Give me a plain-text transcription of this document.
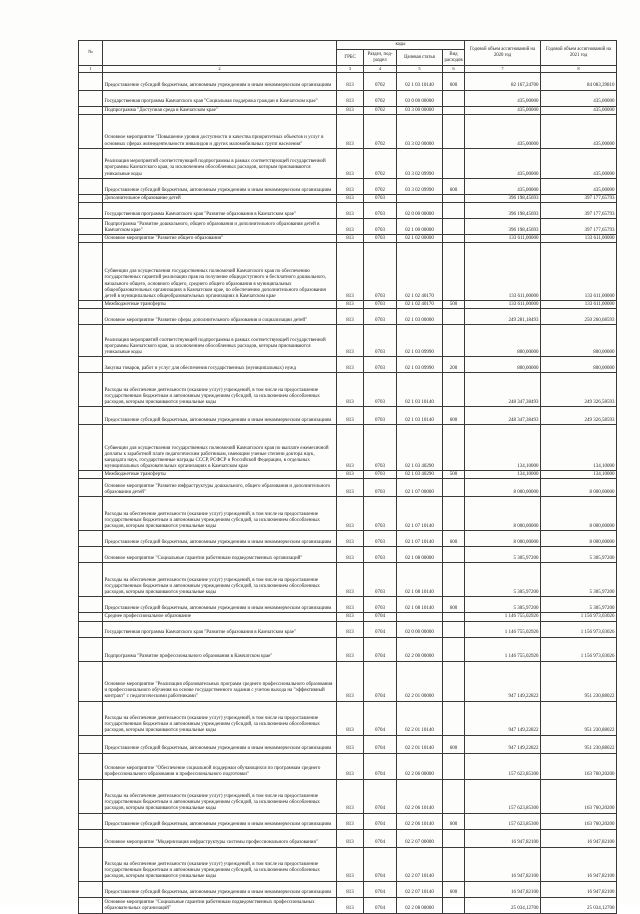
№		коды				Годовой объем ассигнований на 2020 год	Годовой объем ассигнований на 2021 год
		ГРБС	Раздел, под-раздел	Целевая статья	Вид расходов		
1	2	3	4	5	6	7	8
	Предоставление субсидий бюджетным, автономным учреждениям и иным некоммерческим организациям	813	0702	02 1 03 10140	600	82 167,24700	84 083,39810
	Государственная программа Камчатского края "Социальная поддержка граждан в Камчатском крае"	813	0702	03 0 00 00000		435,00000	435,00000
	Подпрограмма "Доступная среда в Камчатском крае"	813	0702	03 3 00 00000		435,00000	435,00000
	Основное мероприятие "Повышение уровня доступности и качества приоритетных объектов и услуг в основных сферах жизнедеятельности инвалидов и других маломобильных групп населения"	813	0702	03 3 02 00000		435,00000	435,00000
	Реализация мероприятий соответствующей подпрограммы в рамках соответствующей государственной программы Камчатского края, за исключением обособленных расходов, которым присваиваются уникальные коды	813	0702	03 3 02 09990		435,00000	435,00000
	Предоставление субсидий бюджетным, автономным учреждениям и иным некоммерческим организациям	813	0702	03 3 02 09990	600	435,00000	435,00000
	Дополнительное образование детей	813	0703			396 198,45693	397 177,65793
	Государственная программа Камчатского края "Развитие образования в Камчатском крае"	813	0703	02 0 00 00000		396 198,45693	397 177,65793
	Подпрограмма "Развитие дошкольного, общего образования и дополнительного образования детей в Камчатском крае"	813	0703	02 1 00 00000		396 198,45693	397 177,65793
	Основное мероприятие "Развитие общего образования"	813	0703	02 1 02 00000		133 611,00000	133 611,00000
	Субвенции для осуществления государственных полномочий Камчатского края по обеспечению государственных гарантий реализации прав на получение общедоступного и бесплатного дошкольного, начального общего, основного общего, среднего общего образования в муниципальных общеобразовательных организациях в Камчатском крае, по обеспечению дополнительного образования детей в муниципальных общеобразовательных организациях в Камчатском крае	813	0703	02 1 02 40170		133 611,00000	133 611,00000
	Межбюджетные трансферты	813	0703	02 1 02 40170	500	133 611,00000	133 611,00000
	Основное мероприятие "Развитие сферы дополнительного образования и социализации детей"	813	0703	02 1 03 00000		249 281,18493	250 260,68593
	Реализация мероприятий соответствующей подпрограммы в рамках соответствующей государственной программы Камчатского края, за исключением обособленных расходов, которым присваиваются уникальные коды	813	0703	02 1 03 09990		800,00000	800,00000
	Закупка товаров, работ и услуг для обеспечения государственных (муниципальных) нужд	813	0703	02 1 03 09990	200	800,00000	800,00000
	Расходы на обеспечение деятельности (оказание услуг) учреждений, в том числе на предоставление государственным бюджетным и автономным учреждениям субсидий, за исключением обособленных расходов, которым присваиваются уникальные коды	813	0703	02 1 03 10140		248 347,38493	249 326,58593
	Предоставление субсидий бюджетным, автономным учреждениям и иным некоммерческим организациям	813	0703	02 1 03 10140	600	248 347,38493	249 326,58593
	Субвенции для осуществления государственных полномочий Камчатского края по выплате ежемесячной доплаты к заработной плате педагогическим работникам, имеющим ученые степени доктора наук, кандидата наук, государственные награды СССР, РСФСР и Российской Федерации, в отдельных муниципальных образовательных организациях в Камчатском крае	813	0703	02 1 03 40290		134,10000	134,10000
	Межбюджетные трансферты	813	0703	02 1 03 40290	500	134,10000	134,10000
	Основное мероприятие "Развитие инфраструктуры дошкольного, общего образования и дополнительного образования детей"	813	0703	02 1 07 00000		8 000,00000	8 000,00000
	Расходы на обеспечение деятельности (оказание услуг) учреждений, в том числе на предоставление государственным бюджетным и автономным учреждениям субсидий, за исключением обособленных расходов, которым присваиваются уникальные коды	813	0703	02 1 07 10140		8 000,00000	8 000,00000
	Предоставление субсидий бюджетным, автономным учреждениям и иным некоммерческим организациям	813	0703	02 1 07 10140	600	8 000,00000	8 000,00000
	Основное мероприятие "Социальные гарантии работникам подведомственных организаций"	813	0703	02 1 08 00000		5 305,97200	5 305,97200
	Расходы на обеспечение деятельности (оказание услуг) учреждений, в том числе на предоставление государственным бюджетным и автономным учреждениям субсидий, за исключением обособленных расходов, которым присваиваются уникальные коды	813	0703	02 1 08 10140		5 305,97200	5 305,97200
	Предоставление субсидий бюджетным, автономным учреждениям и иным некоммерческим организациям	813	0703	02 1 08 10140	600	5 305,97200	5 305,97200
	Среднее профессиональное образование	813	0704			1 146 755,02926	1 156 973,03026
	Государственная программа Камчатского края "Развитие образования в Камчатском крае"	813	0704	02 0 00 00000		1 146 755,02926	1 156 973,03026
	Подпрограмма "Развитие профессионального образования в Камчатском крае"	813	0704	02 2 00 00000		1 146 755,02926	1 156 973,03026
	Основное мероприятие "Реализация образовательных программ среднего профессионального образования и профессионального обучения на основе государственного задания с учетом выхода на "эффективный контракт" с педагогическими работниками"	813	0704	02 2 01 00000		947 149,22822	951 230,88022
	Расходы на обеспечение деятельности (оказание услуг) учреждений, в том числе на предоставление государственным бюджетным и автономным учреждениям субсидий, за исключением обособленных расходов, которым присваиваются уникальные коды	813	0704	02 2 01 10140		947 149,22822	951 230,88022
	Предоставление субсидий бюджетным, автономным учреждениям и иным некоммерческим организациям	813	0704	02 2 01 10140	600	947 149,22822	951 230,88022
	Основное мероприятие "Обеспечение социальной поддержки обучающихся по программам среднего профессионального образования и профессионального подготовки"	813	0704	02 2 06 00000		157 623,85300	163 760,20200
	Расходы на обеспечение деятельности (оказание услуг) учреждений, в том числе на предоставление государственным бюджетным и автономным учреждениям субсидий, за исключением обособленных расходов, которым присваиваются уникальные коды	813	0704	02 2 06 10140		157 623,85300	163 760,20200
	Предоставление субсидий бюджетным, автономным учреждениям и иным некоммерческим организациям	813	0704	02 2 06 10140	600	157 623,85300	163 760,20200
	Основное мероприятие "Модернизация инфраструктуры системы профессионального образования"	813	0704	02 2 07 00000		16 947,82100	16 947,82100
	Расходы на обеспечение деятельности (оказание услуг) учреждений, в том числе на предоставление государственным бюджетным и автономным учреждениям субсидий, за исключением обособленных расходов, которым присваиваются уникальные коды	813	0704	02 2 07 10140		16 947,82100	16 947,82100
	Предоставление субсидий бюджетным, автономным учреждениям и иным некоммерческим организациям	813	0704	02 2 07 10140	600	16 947,82100	16 947,82100
	Основное мероприятие "Социальные гарантии работникам подведомственных профессиональных образовательных организаций"	813	0704	02 2 08 00000		25 034,12700	25 034,12700
